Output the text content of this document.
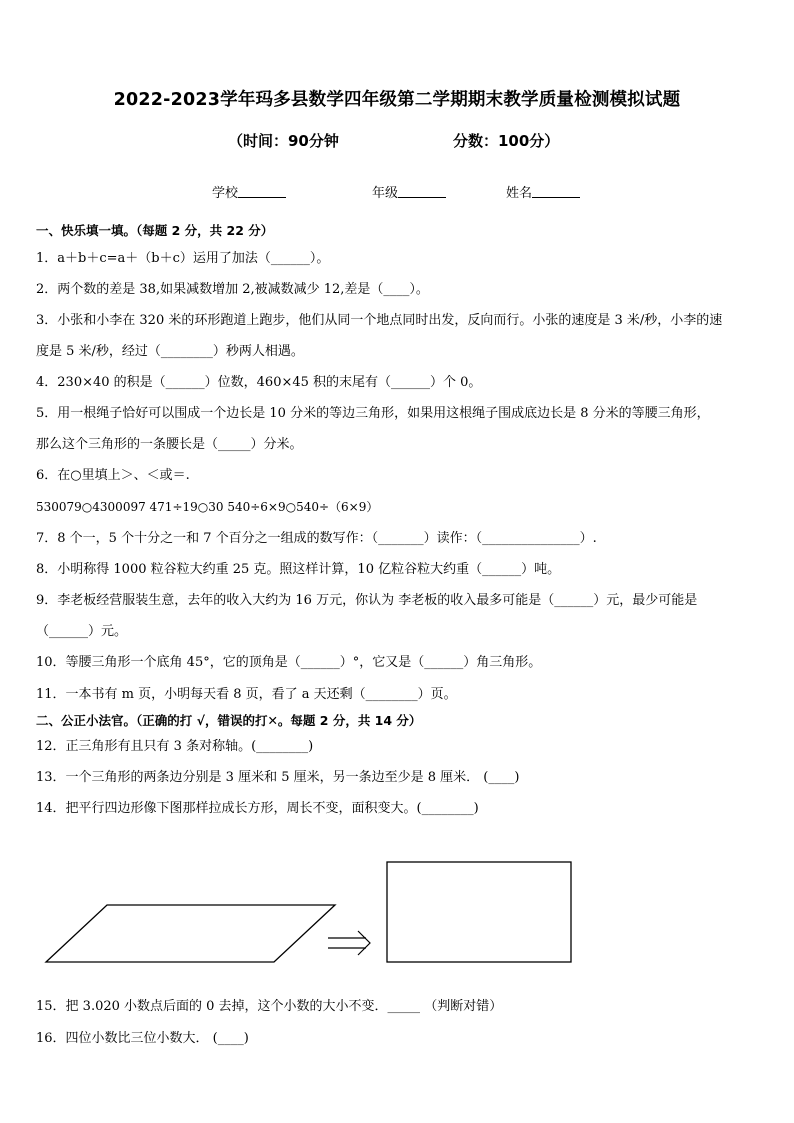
2022-2023学年玛多县数学四年级第二学期期末教学质量检测模拟试题
（时间：90分钟	分数：100分）
学校	年级	姓名
一、快乐填一填。（每题 2 分，共 22 分）
1．a＋b＋c=a＋（b＋c）运用了加法（______）。
2．两个数的差是 38,如果减数增加 2,被减数减少 12,差是（____）。
3．小张和小李在 320 米的环形跑道上跑步，他们从同一个地点同时出发，反向而行。小张的速度是 3 米/秒，小李的速
度是 5 米/秒，经过（________）秒两人相遇。
4．230×40 的积是（______）位数，460×45 积的末尾有（______）个 0。
5．用一根绳子恰好可以围成一个边长是 10 分米的等边三角形，如果用这根绳子围成底边长是 8 分米的等腰三角形，
那么这个三角形的一条腰长是（_____）分米。
6．在○里填上＞、＜或＝.
530079○4300097 471÷19○30 540÷6×9○540÷（6×9）
7．8 个一，5 个十分之一和 7 个百分之一组成的数写作：（_______）读作：（_______________）.
8．小明称得 1000 粒谷粒大约重 25 克。照这样计算，10 亿粒谷粒大约重（______）吨。
9．李老板经营服装生意，去年的收入大约为 16 万元，你认为 李老板的收入最多可能是（______）元，最少可能是
（______）元。
10．等腰三角形一个底角 45°，它的顶角是（______）°，它又是（______）角三角形。
11．一本书有 m 页，小明每天看 8 页，看了 a 天还剩（________）页。
二、公正小法官。（正确的打 √，错误的打✕。每题 2 分，共 14 分）
12．正三角形有且只有 3 条对称轴。(________)
13．一个三角形的两条边分别是 3 厘米和 5 厘米，另一条边至少是 8 厘米． (____)
14．把平行四边形像下图那样拉成长方形，周长不变，面积变大。(________)
15．把 3.020 小数点后面的 0 去掉，这个小数的大小不变．_____ （判断对错）
16．四位小数比三位小数大． (____)
